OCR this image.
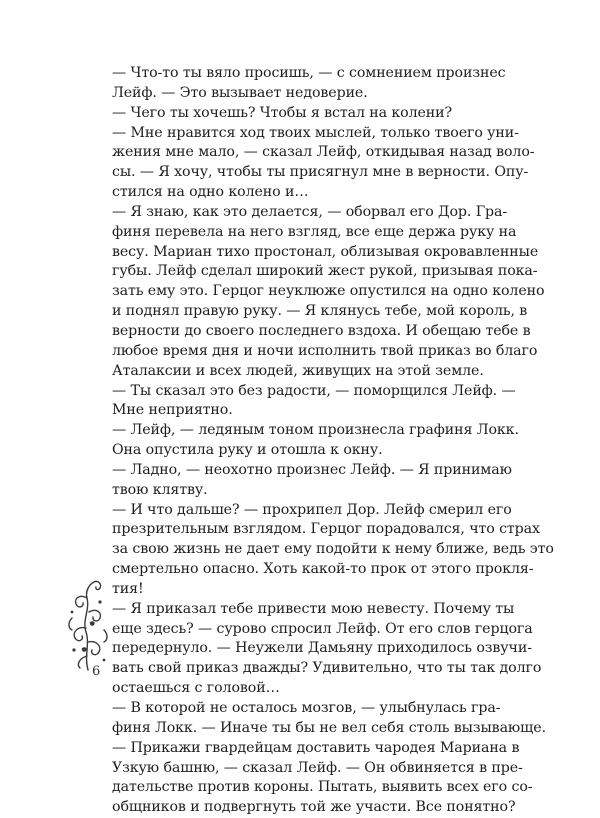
— Что-то ты вяло просишь, — с сомнением произнес
Лейф. — Это вызывает недоверие.
— Чего ты хочешь? Чтобы я встал на колени?
— Мне нравится ход твоих мыслей, только твоего уни-
жения мне мало, — сказал Лейф, откидывая назад воло-
сы. — Я хочу, чтобы ты присягнул мне в верности. Опу-
стился на одно колено и…
— Я знаю, как это делается, — оборвал его Дор. Гра-
финя перевела на него взгляд, все еще держа руку на
весу. Мариан тихо простонал, облизывая окровавленные
губы. Лейф сделал широкий жест рукой, призывая пока-
зать ему это. Герцог неуклюже опустился на одно колено
и поднял правую руку. — Я клянусь тебе, мой король, в
верности до своего последнего вздоха. И обещаю тебе в
любое время дня и ночи исполнить твой приказ во благо
Аталаксии и всех людей, живущих на этой земле.
— Ты сказал это без радости, — поморщился Лейф. —
Мне неприятно.
— Лейф, — ледяным тоном произнесла графиня Локк.
Она опустила руку и отошла к окну.
— Ладно, — неохотно произнес Лейф. — Я принимаю
твою клятву.
— И что дальше? — прохрипел Дор. Лейф смерил его
презрительным взглядом. Герцог порадовался, что страх
за свою жизнь не дает ему подойти к нему ближе, ведь это
смертельно опасно. Хоть какой-то прок от этого прокля-
тия!
— Я приказал тебе привести мою невесту. Почему ты
еще здесь? — сурово спросил Лейф. От его слов герцога
передернуло. — Неужели Дамьяну приходилось озвучи-
вать свой приказ дважды? Удивительно, что ты так долго
остаешься с головой…
— В которой не осталось мозгов, — улыбнулась гра-
финя Локк. — Иначе ты бы не вел себя столь вызывающе.
— Прикажи гвардейцам доставить чародея Мариана в
Узкую башню, — сказал Лейф. — Он обвиняется в пре-
дательстве против короны. Пытать, выявить всех его со-
общников и подвергнуть той же участи. Все понятно?
6
